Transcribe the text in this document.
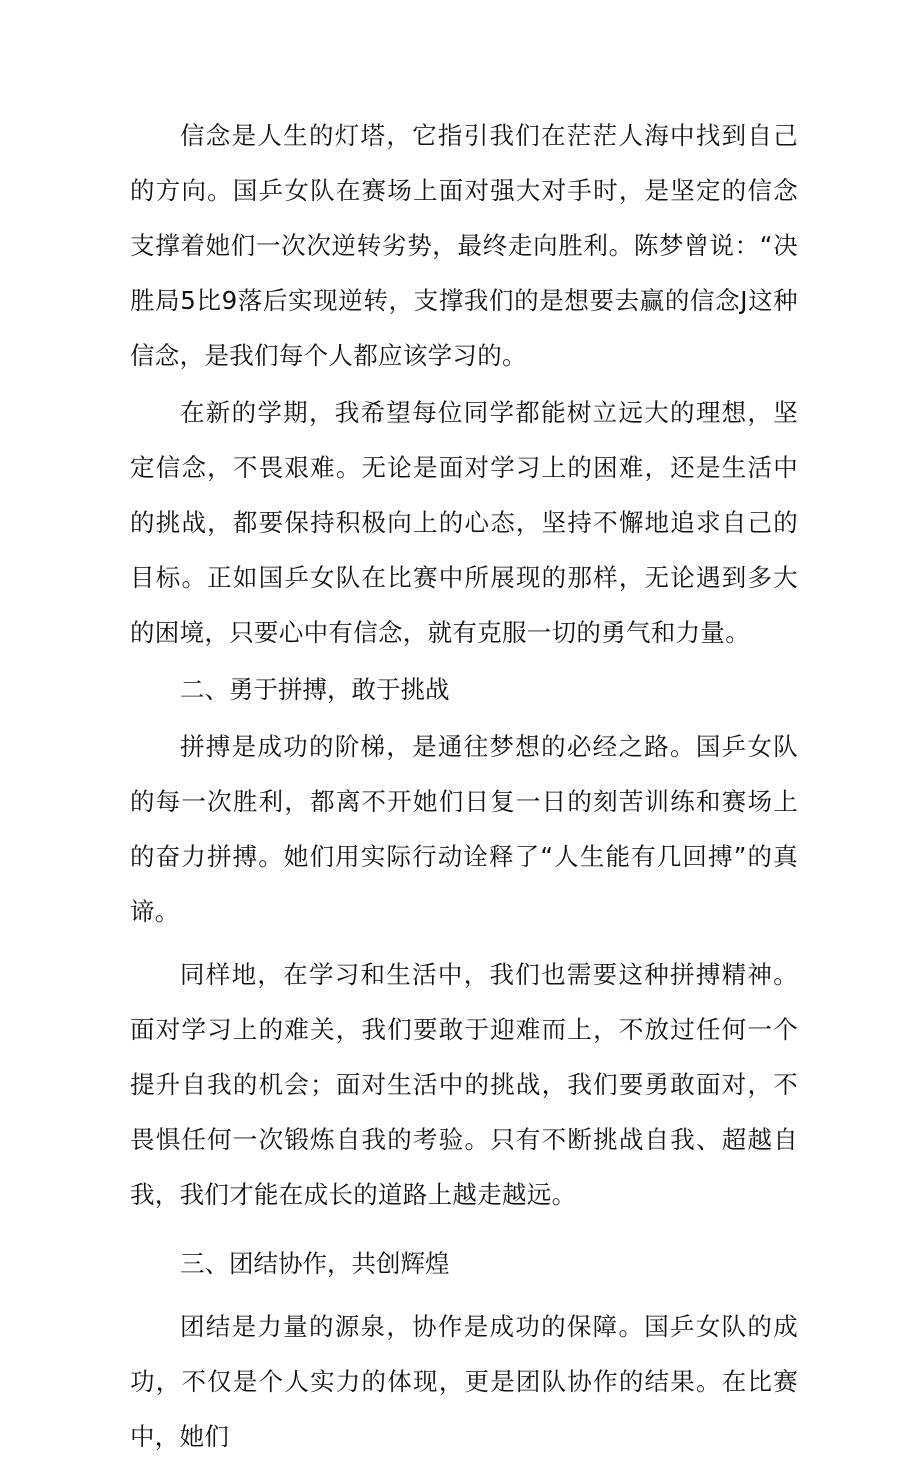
信念是人生的灯塔，它指引我们在茫茫人海中找到自己的方向。国乒女队在赛场上面对强大对手时，是坚定的信念支撑着她们一次次逆转劣势，最终走向胜利。陈梦曾说：“决胜局5比9落后实现逆转，支撑我们的是想要去赢的信念J这种信念，是我们每个人都应该学习的。

在新的学期，我希望每位同学都能树立远大的理想，坚定信念，不畏艰难。无论是面对学习上的困难，还是生活中的挑战，都要保持积极向上的心态，坚持不懈地追求自己的目标。正如国乒女队在比赛中所展现的那样，无论遇到多大的困境，只要心中有信念，就有克服一切的勇气和力量。

二、勇于拼搏，敢于挑战

拼搏是成功的阶梯，是通往梦想的必经之路。国乒女队的每一次胜利，都离不开她们日复一日的刻苦训练和赛场上的奋力拼搏。她们用实际行动诠释了“人生能有几回搏”的真谛。

同样地，在学习和生活中，我们也需要这种拼搏精神。面对学习上的难关，我们要敢于迎难而上，不放过任何一个提升自我的机会；面对生活中的挑战，我们要勇敢面对，不畏惧任何一次锻炼自我的考验。只有不断挑战自我、超越自我，我们才能在成长的道路上越走越远。

三、团结协作，共创辉煌

团结是力量的源泉，协作是成功的保障。国乒女队的成功，不仅是个人实力的体现，更是团队协作的结果。在比赛中，她们
